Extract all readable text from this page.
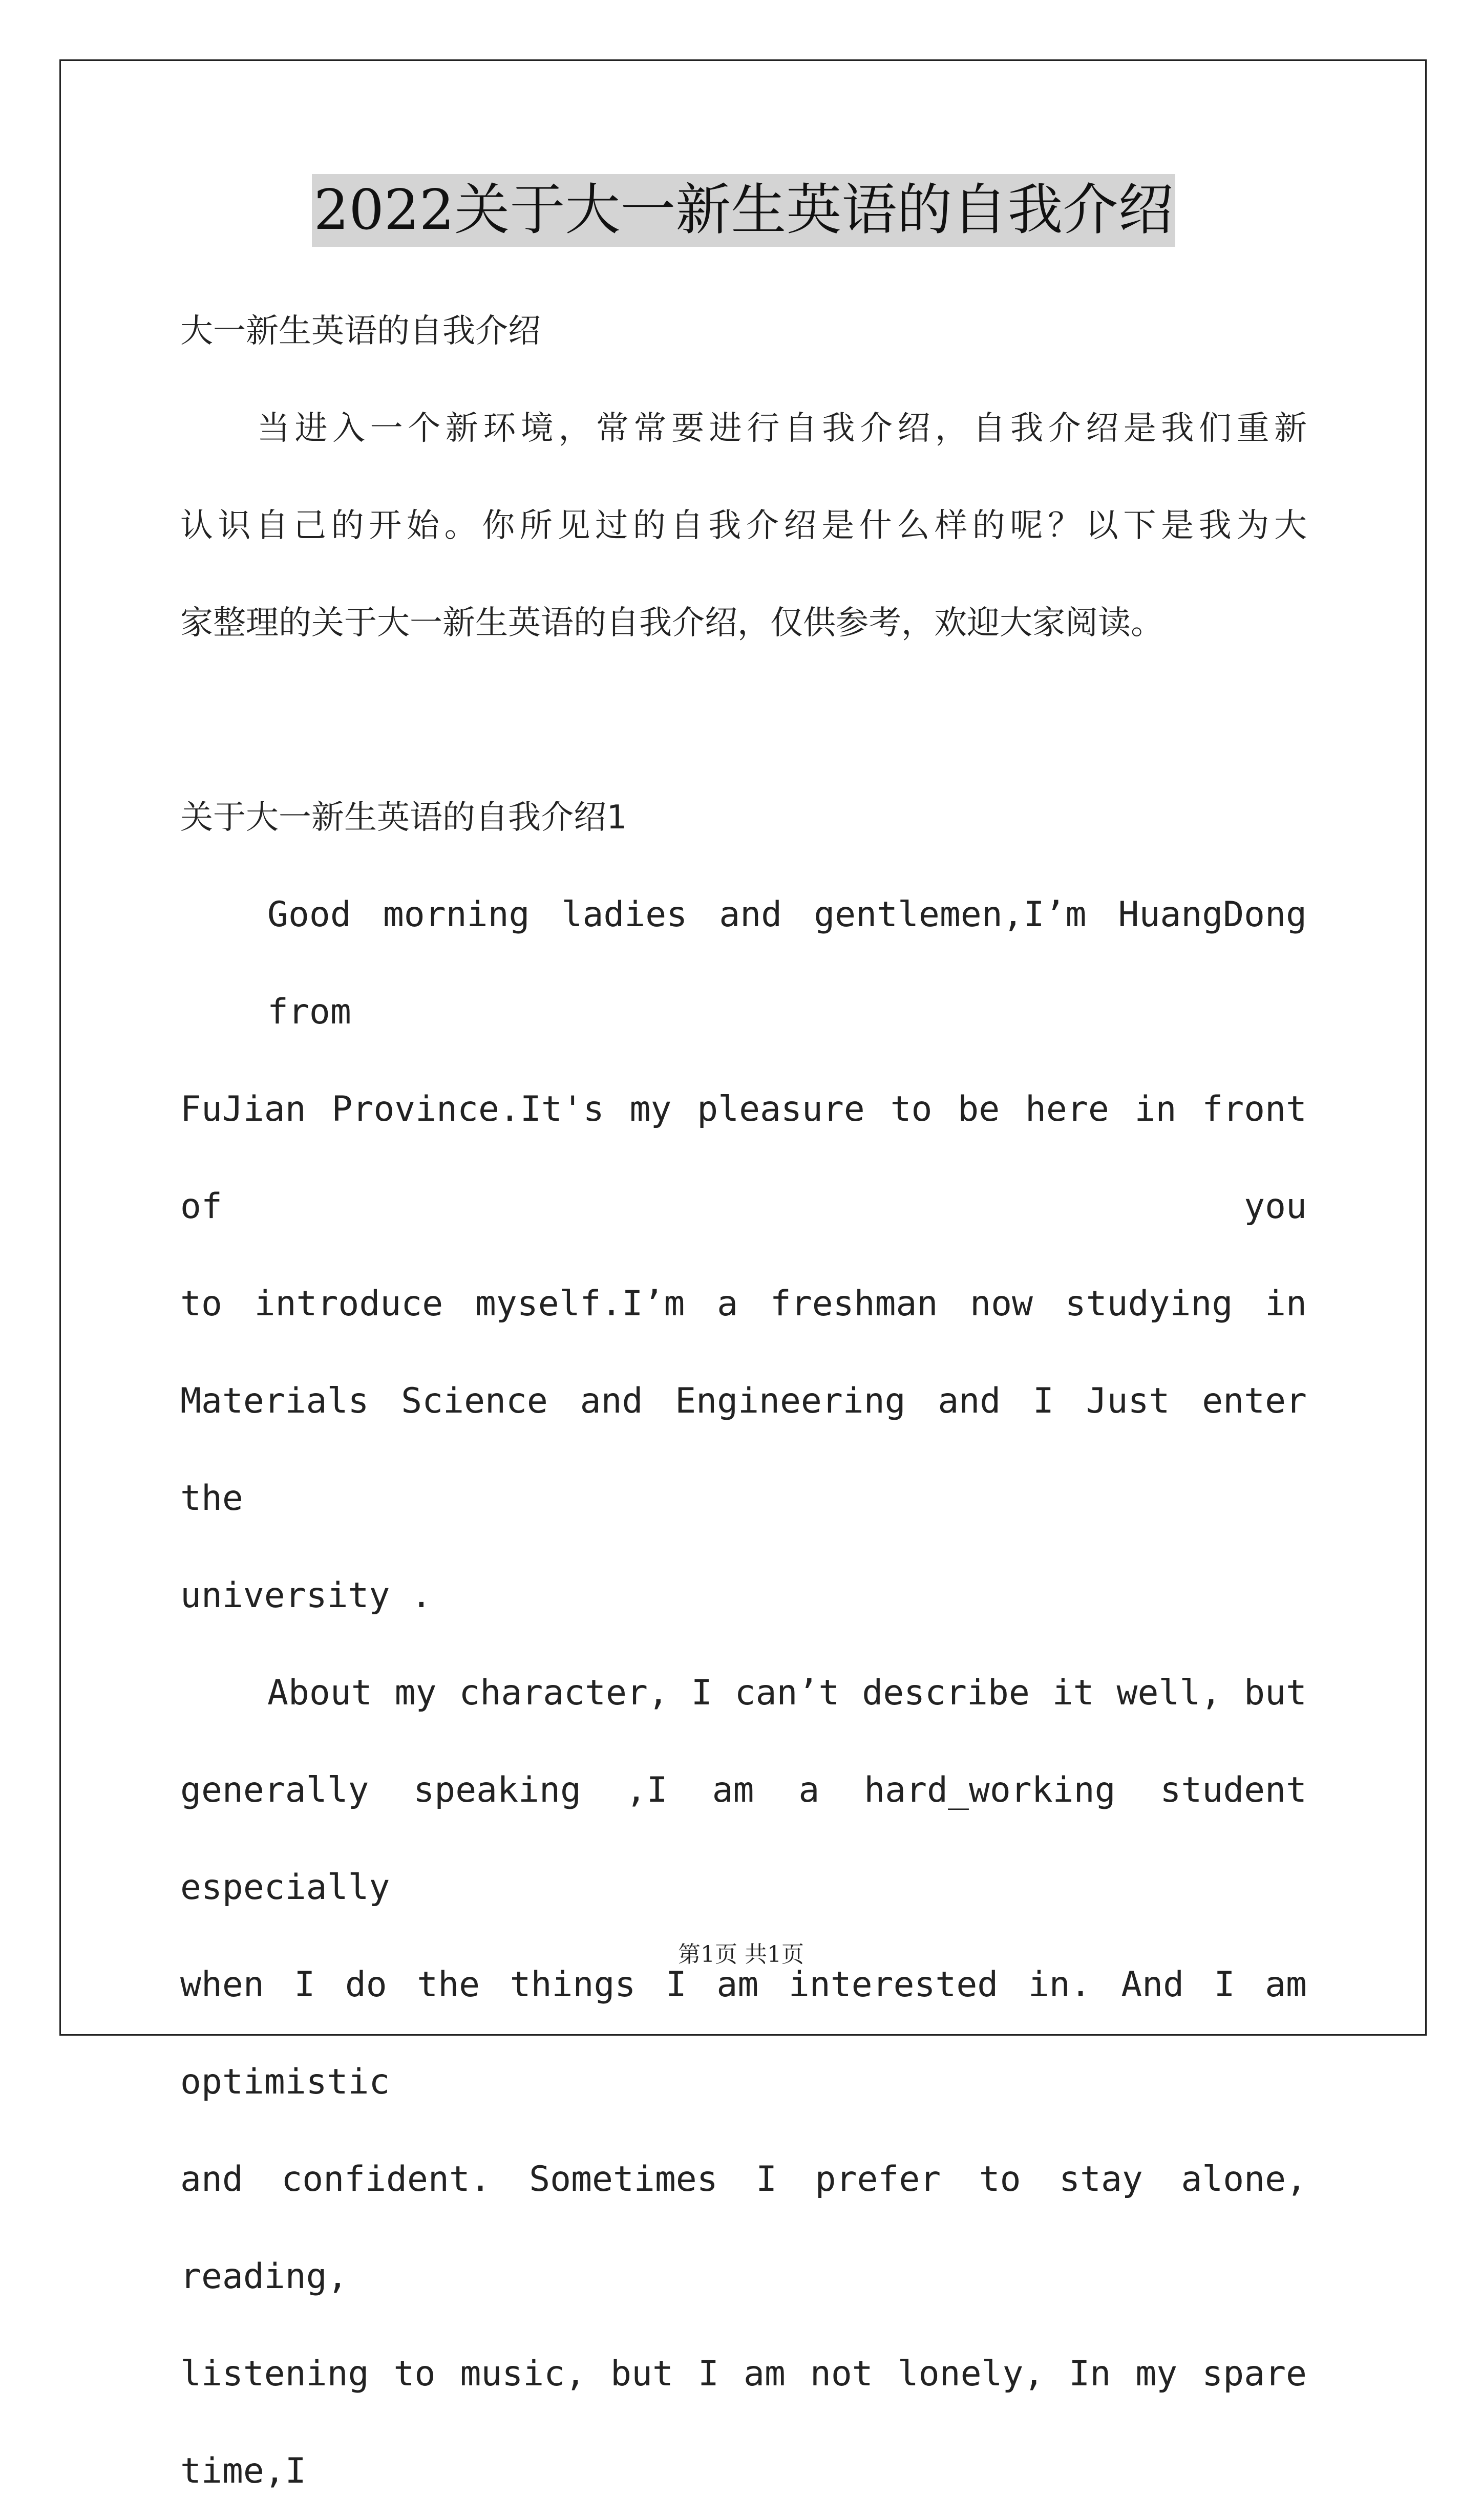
2022关于大一新生英语的自我介绍

大一新生英语的自我介绍

当进入一个新环境，常常要进行自我介绍，自我介绍是我们重新

认识自己的开始。你所见过的自我介绍是什么样的呢？以下是我为大

家整理的关于大一新生英语的自我介绍，仅供参考，欢迎大家阅读。

关于大一新生英语的自我介绍1

Good morning ladies and gentlemen,I’m HuangDong from

FuJian Province.It's my pleasure to be here in front of you

to introduce myself.I’m a freshman now studying in

Materials Science and Engineering and I Just enter the

university .

About my character, I can’t describe it well, but

generally speaking ,I am a hard_working student especially

when I do the things I am interested in. And I am optimistic

and confident. Sometimes I prefer to stay alone, reading,

listening to music, but I am not lonely, In my spare time,I

第1页 共1页
